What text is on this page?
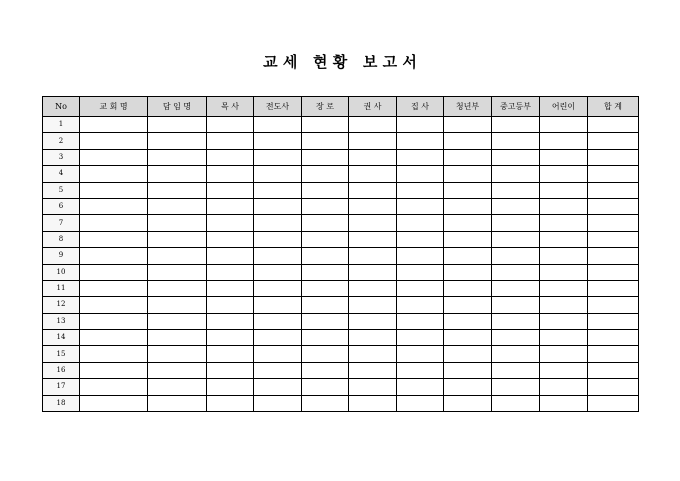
교 세   현 황   보 고 서
No	교 회 명	담 임 명	목 사	전도사	장 로	권 사	집 사	청년부	중고등부	어린이	합 계
1											
2											
3											
4											
5											
6											
7											
8											
9											
10											
11											
12											
13											
14											
15											
16											
17											
18											
